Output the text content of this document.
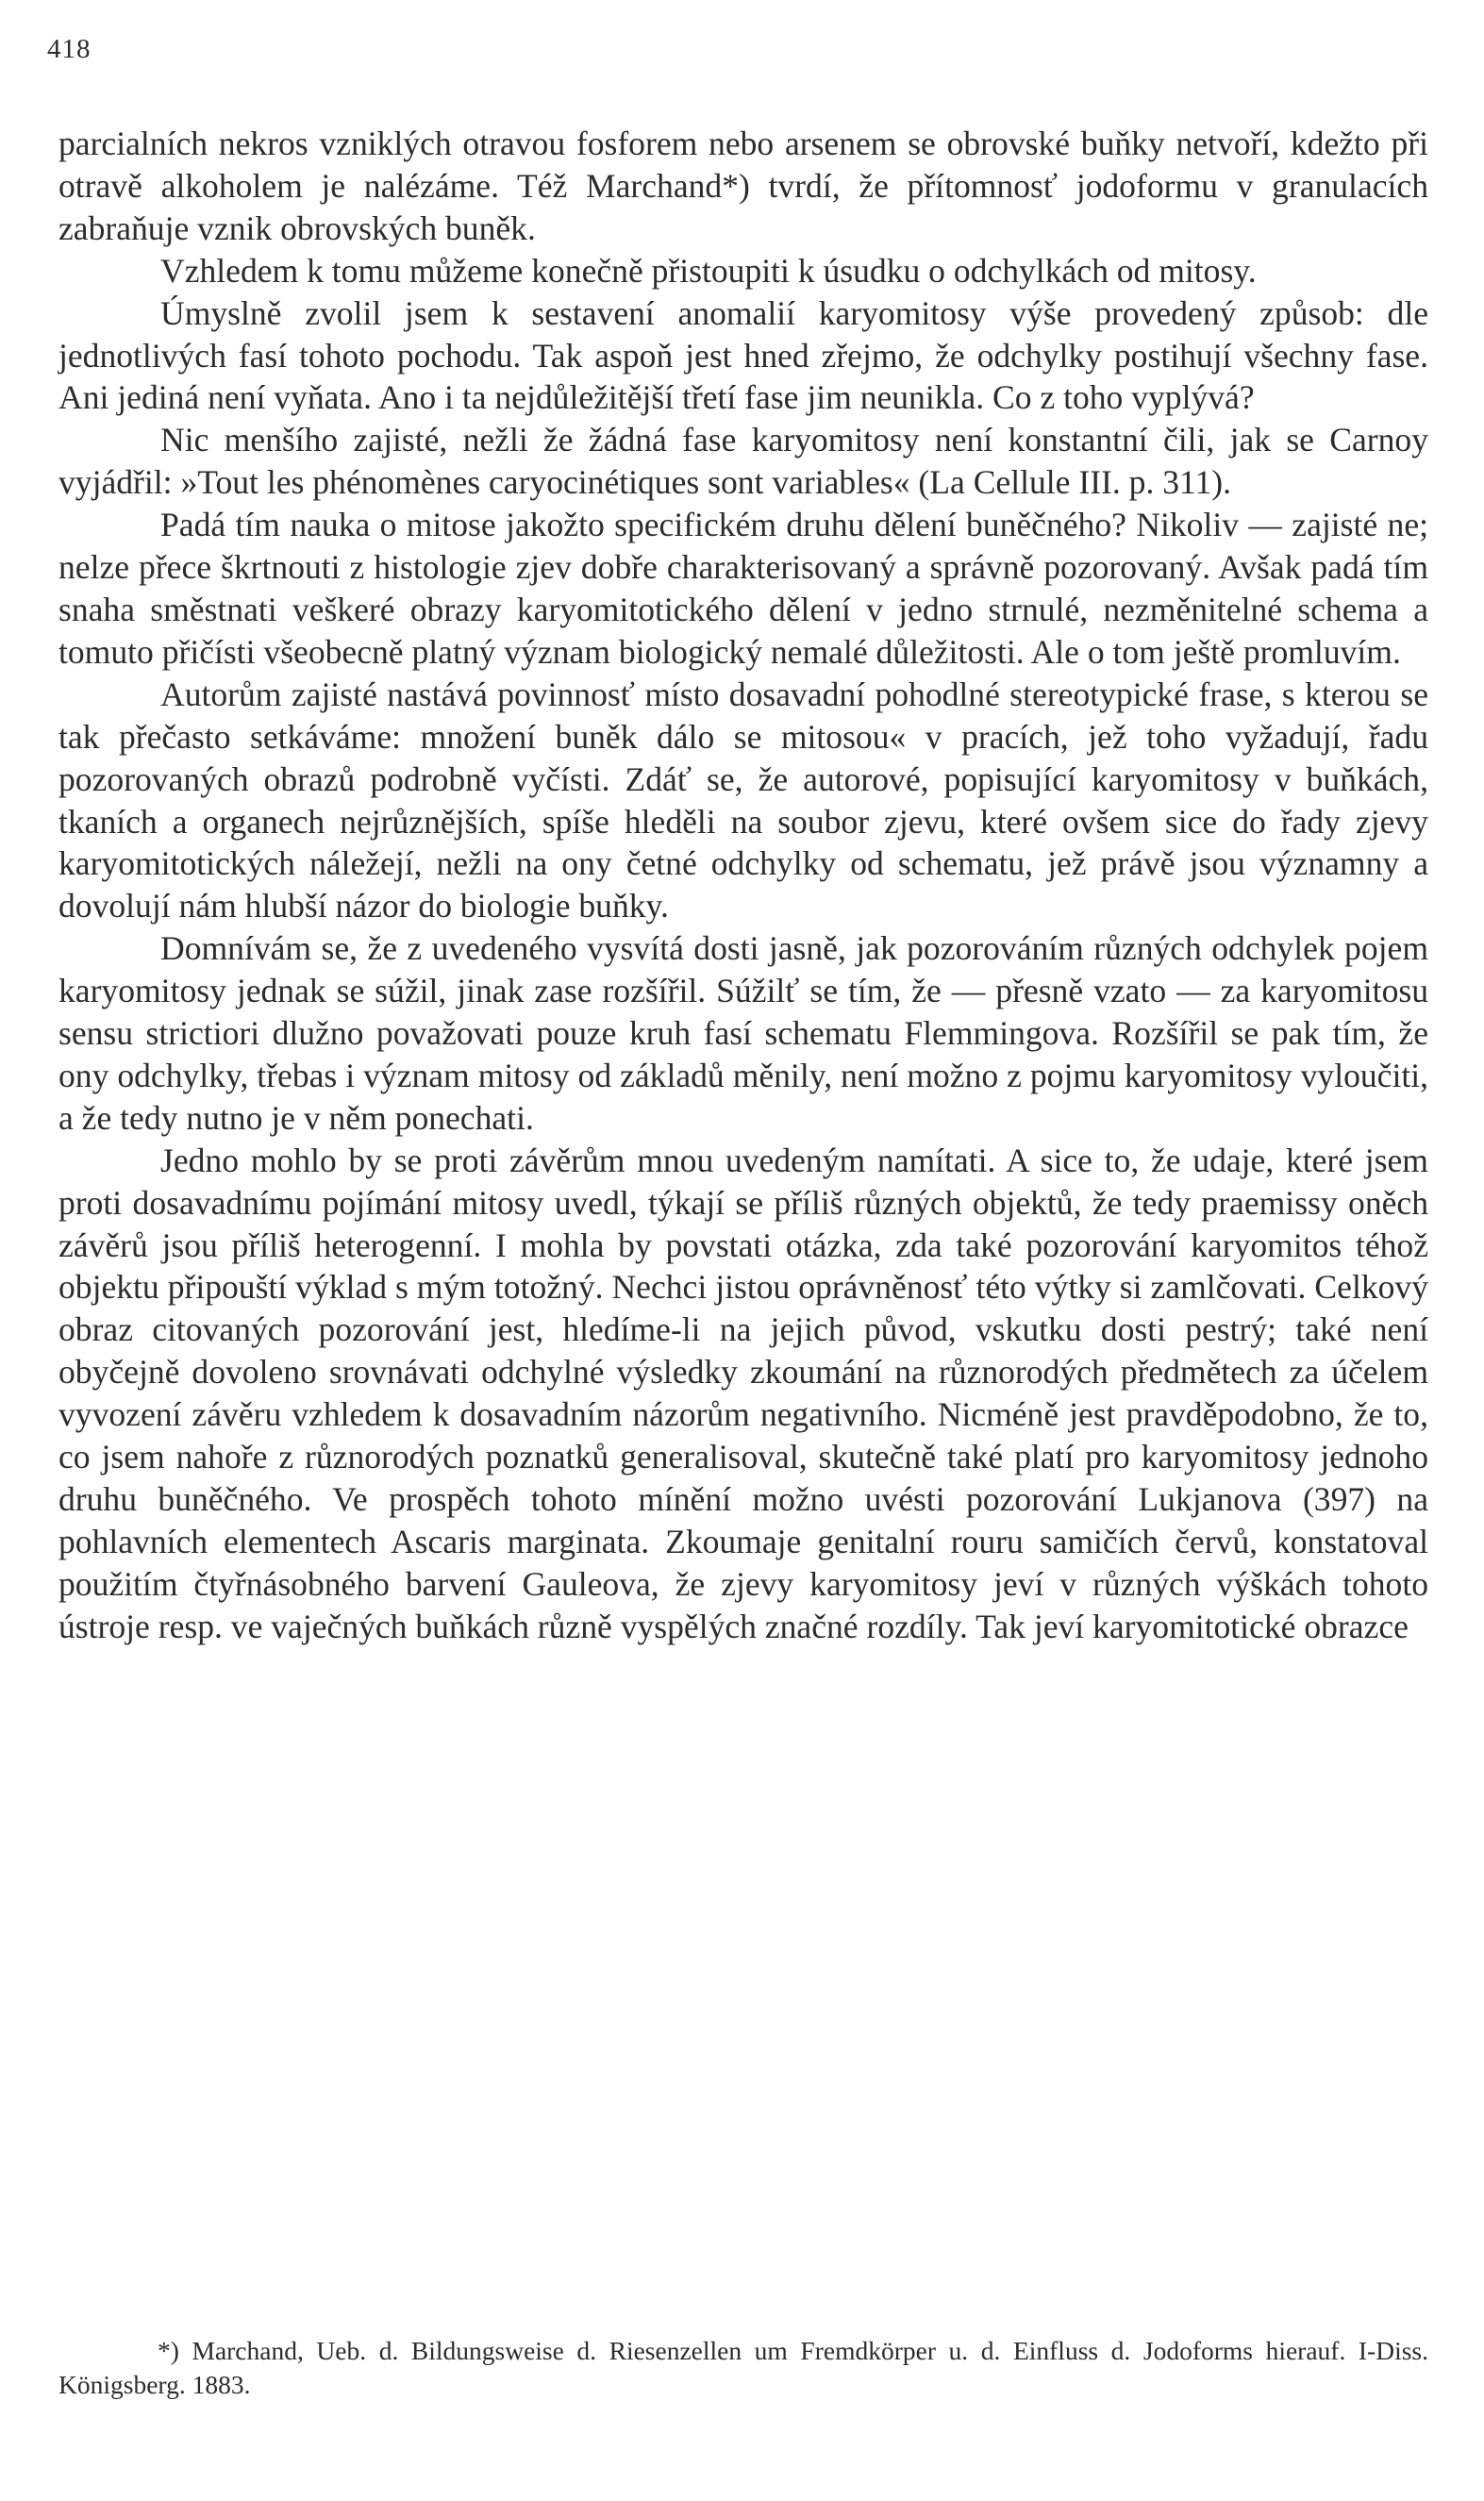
418

parcialních nekros vzniklých otravou fosforem nebo arsenem se obrovské buňky netvoří, kdežto při otravě alkoholem je nalézáme. Též Marchand*) tvrdí, že přítomnosť jodoformu v granulacích zabraňuje vznik obrovských buněk.

Vzhledem k tomu můžeme konečně přistoupiti k úsudku o odchylkách od mitosy.

Úmyslně zvolil jsem k sestavení anomalií karyomitosy výše provedený způsob: dle jednotlivých fasí tohoto pochodu. Tak aspoň jest hned zřejmo, že odchylky postihují všechny fase. Ani jediná není vyňata. Ano i ta nejdůležitější třetí fase jim neunikla. Co z toho vyplývá?

Nic menšího zajisté, nežli že žádná fase karyomitosy není konstantní čili, jak se Carnoy vyjádřil: »Tout les phénomènes caryocinétiques sont variables« (La Cellule III. p. 311).

Padá tím nauka o mitose jakožto specifickém druhu dělení buněčného? Nikoliv — zajisté ne; nelze přece škrtnouti z histologie zjev dobře charakterisovaný a správně pozorovaný. Avšak padá tím snaha směstnati veškeré obrazy karyomitotického dělení v jedno strnulé, nezměnitelné schema a tomuto přičísti všeobecně platný význam biologický nemalé důležitosti. Ale o tom ještě promluvím.

Autorům zajisté nastává povinnosť místo dosavadní pohodlné stereotypické frase, s kterou se tak přečasto setkáváme: množení buněk dálo se mitosou« v pracích, jež toho vyžadují, řadu pozorovaných obrazů podrobně vyčísti. Zdáť se, že autorové, popisující karyomitosy v buňkách, tkaních a organech nejrůznějších, spíše hleděli na soubor zjevu, které ovšem sice do řady zjevy karyomitotických náležejí, nežli na ony četné odchylky od schematu, jež právě jsou významny a dovolují nám hlubší názor do biologie buňky.

Domnívám se, že z uvedeného vysvítá dosti jasně, jak pozorováním různých odchylek pojem karyomitosy jednak se súžil, jinak zase rozšířil. Súžilť se tím, že — přesně vzato — za karyomitosu sensu strictiori dlužno považovati pouze kruh fasí schematu Flemmingova. Rozšířil se pak tím, že ony odchylky, třebas i význam mitosy od základů měnily, není možno z pojmu karyomitosy vyloučiti, a že tedy nutno je v něm ponechati.

Jedno mohlo by se proti závěrům mnou uvedeným namítati. A sice to, že udaje, které jsem proti dosavadnímu pojímání mitosy uvedl, týkají se příliš různých objektů, že tedy praemissy oněch závěrů jsou příliš heterogenní. I mohla by povstati otázka, zda také pozorování karyomitos téhož objektu připouští výklad s mým totožný. Nechci jistou oprávněnosť této výtky si zamlčovati. Celkový obraz citovaných pozorování jest, hledíme-li na jejich původ, vskutku dosti pestrý; také není obyčejně dovoleno srovnávati odchylné výsledky zkoumání na různorodých předmětech za účelem vyvození závěru vzhledem k dosavadním názorům negativního. Nicméně jest pravděpodobno, že to, co jsem nahoře z různorodých poznatků generalisoval, skutečně také platí pro karyomitosy jednoho druhu buněčného. Ve prospěch tohoto mínění možno uvésti pozorování Lukjanova (397) na pohlavních elementech Ascaris marginata. Zkoumaje genitalní rouru samičích červů, konstatoval použitím čtyřnásobného barvení Gauleova, že zjevy karyomitosy jeví v různých výškách tohoto ústroje resp. ve vaječných buňkách různě vyspělých značné rozdíly. Tak jeví karyomitotické obrazce

*) Marchand, Ueb. d. Bildungsweise d. Riesenzellen um Fremdkörper u. d. Einfluss d. Jodoforms hierauf. I-Diss. Königsberg. 1883.
